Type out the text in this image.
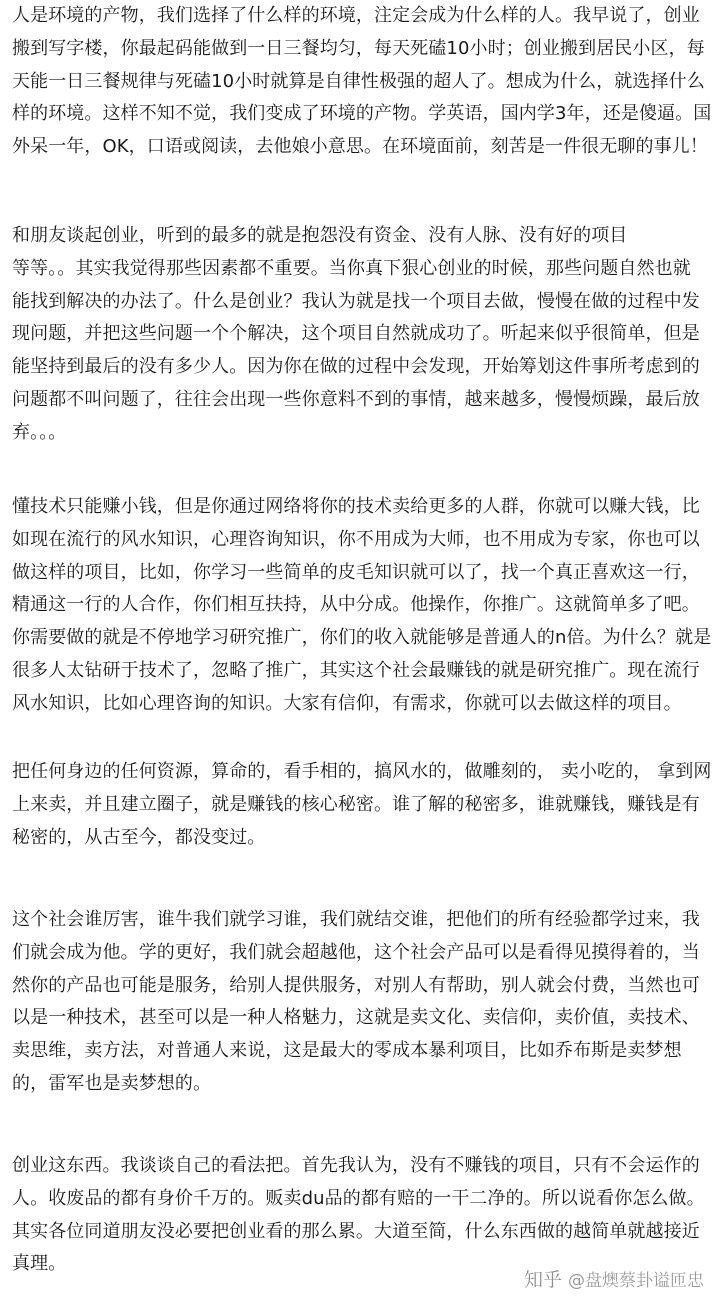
人是环境的产物，我们选择了什么样的环境，注定会成为什么样的人。我早说了，创业
搬到写字楼，你最起码能做到一日三餐均匀，每天死磕10小时；创业搬到居民小区，每
天能一日三餐规律与死磕10小时就算是自律性极强的超人了。想成为什么，就选择什么
样的环境。这样不知不觉，我们变成了环境的产物。学英语，国内学3年，还是傻逼。国
外呆一年，OK，口语或阅读，去他娘小意思。在环境面前，刻苦是一件很无聊的事儿！
和朋友谈起创业，听到的最多的就是抱怨没有资金、没有人脉、没有好的项目
等等。。其实我觉得那些因素都不重要。当你真下狠心创业的时候，那些问题自然也就
能找到解决的办法了。什么是创业？我认为就是找一个项目去做，慢慢在做的过程中发
现问题，并把这些问题一个个解决，这个项目自然就成功了。听起来似乎很简单，但是
能坚持到最后的没有多少人。因为你在做的过程中会发现，开始筹划这件事所考虑到的
问题都不叫问题了，往往会出现一些你意料不到的事情，越来越多，慢慢烦躁，最后放
弃。。。
懂技术只能赚小钱，但是你通过网络将你的技术卖给更多的人群，你就可以赚大钱，比
如现在流行的风水知识，心理咨询知识，你不用成为大师，也不用成为专家，你也可以
做这样的项目，比如，你学习一些简单的皮毛知识就可以了，找一个真正喜欢这一行，
精通这一行的人合作，你们相互扶持，从中分成。他操作，你推广。这就简单多了吧。
你需要做的就是不停地学习研究推广，你们的收入就能够是普通人的n倍。为什么？就是
很多人太钻研于技术了，忽略了推广，其实这个社会最赚钱的就是研究推广。现在流行
风水知识，比如心理咨询的知识。大家有信仰，有需求，你就可以去做这样的项目。
把任何身边的任何资源，算命的，看手相的，搞风水的，做雕刻的， 卖小吃的， 拿到网
上来卖，并且建立圈子，就是赚钱的核心秘密。谁了解的秘密多，谁就赚钱，赚钱是有
秘密的，从古至今，都没变过。
这个社会谁厉害，谁牛我们就学习谁，我们就结交谁，把他们的所有经验都学过来，我
们就会成为他。学的更好，我们就会超越他，这个社会产品可以是看得见摸得着的，当
然你的产品也可能是服务，给别人提供服务，对别人有帮助，别人就会付费，当然也可
以是一种技术，甚至可以是一种人格魅力，这就是卖文化、卖信仰，卖价值，卖技术、
卖思维，卖方法，对普通人来说，这是最大的零成本暴利项目，比如乔布斯是卖梦想
的，雷军也是卖梦想的。
创业这东西。我谈谈自己的看法把。首先我认为，没有不赚钱的项目，只有不会运作的
人。收废品的都有身价千万的。贩卖du品的都有赔的一干二净的。所以说看你怎么做。
其实各位同道朋友没必要把创业看的那么累。大道至简，什么东西做的越简单就越接近
真理。
知乎 @盘燠蔡卦谥匝忠
